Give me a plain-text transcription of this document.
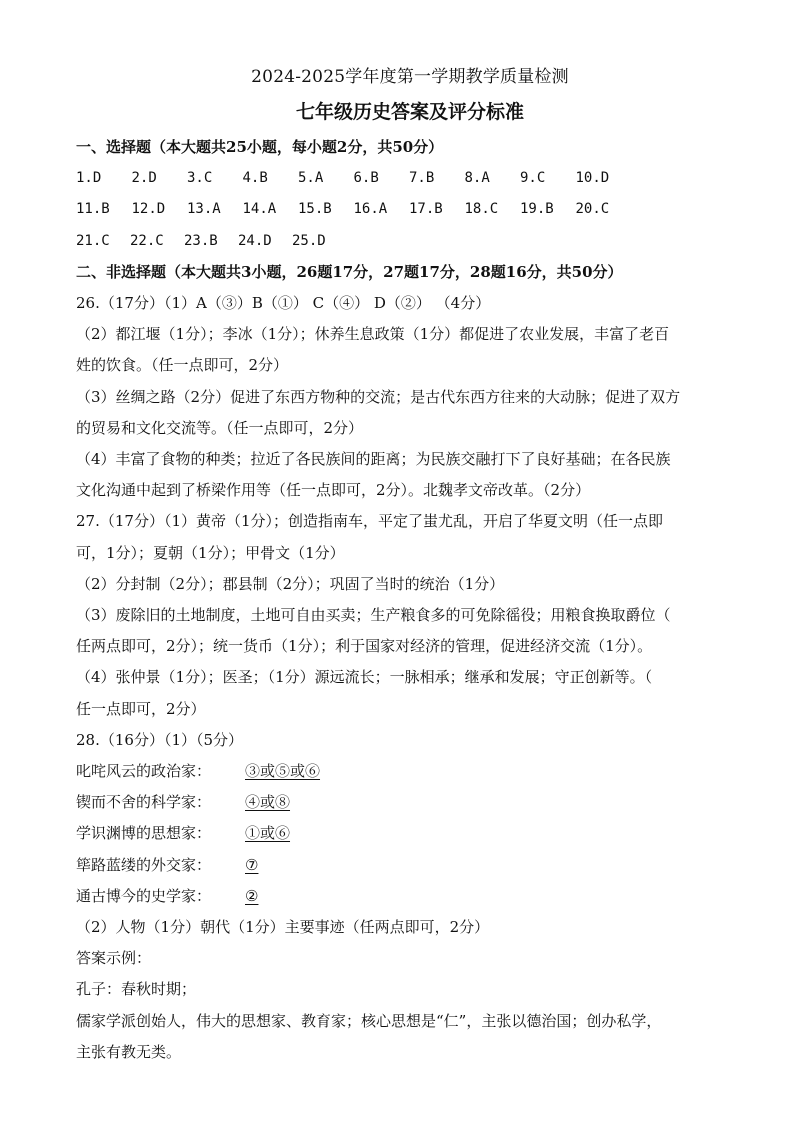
2024-2025学年度第一学期教学质量检测
七年级历史答案及评分标准
一、选择题（本大题共25小题，每小题2分，共50分）
1.D	2.D	3.C	4.B	5.A	6.B	7.B	8.A	9.C	10.D
11.B	12.D	13.A	14.A	15.B	16.A	17.B	18.C	19.B	20.C
21.C	22.C	23.B	24.D	25.D
二、非选择题（本大题共3小题，26题17分，27题17分，28题16分，共50分）
26.（17分）（1）A（③）B（①） C（④） D（②） （4分）
（2）都江堰（1分）；李冰（1分）；休养生息政策（1分）都促进了农业发展，丰富了老百
姓的饮食。（任一点即可，2分）
（3）丝绸之路（2分）促进了东西方物种的交流；是古代东西方往来的大动脉；促进了双方
的贸易和文化交流等。（任一点即可，2分）
（4）丰富了食物的种类；拉近了各民族间的距离；为民族交融打下了良好基础；在各民族
文化沟通中起到了桥梁作用等（任一点即可，2分）。北魏孝文帝改革。（2分）
27.（17分）（1）黄帝（1分）；创造指南车，平定了蚩尤乱，开启了华夏文明（任一点即
可，1分）；夏朝（1分）；甲骨文（1分）
（2）分封制（2分）；郡县制（2分）；巩固了当时的统治（1分）
（3）废除旧的土地制度，土地可自由买卖；生产粮食多的可免除徭役；用粮食换取爵位（
任两点即可，2分）；统一货币（1分）；利于国家对经济的管理，促进经济交流（1分）。
（4）张仲景（1分）；医圣；（1分）源远流长；一脉相承；继承和发展；守正创新等。（
任一点即可，2分）
28.（16分）（1）（5分）
叱咤风云的政治家：	③或⑤或⑥
锲而不舍的科学家：	④或⑧
学识渊博的思想家：	①或⑥
筚路蓝缕的外交家：	⑦
通古博今的史学家：	②
（2）人物（1分）朝代（1分）主要事迹（任两点即可，2分）
答案示例：
孔子：春秋时期；
儒家学派创始人，伟大的思想家、教育家；核心思想是“仁”，主张以德治国；创办私学，
主张有教无类。
